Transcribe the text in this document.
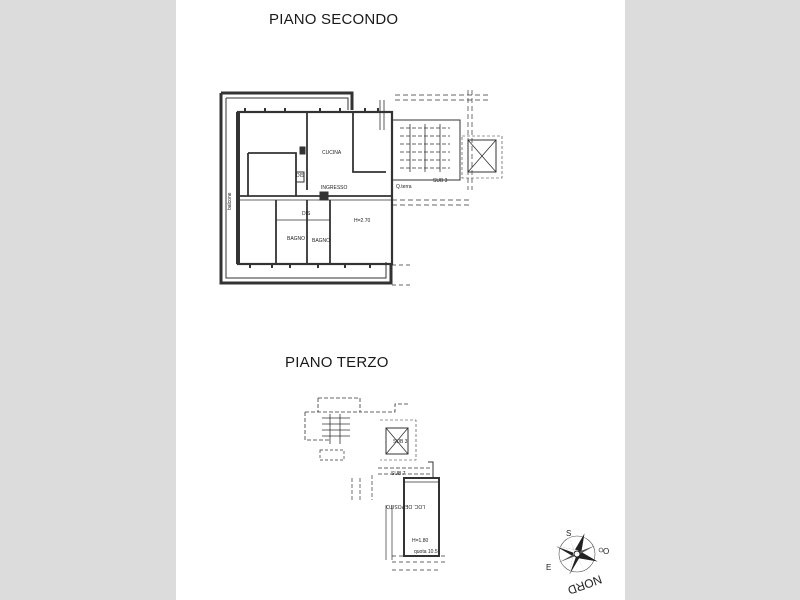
PIANO SECONDO
PIANO TERZO
CUCINA
DIS
INGRESSO
DIS
BAGNO BAGNO
H=2.70
SUB 3
Q.terra
balcone
SUB 3
SUB 7
H=1.80
quota 10.5
LOC. DEPOSITO
S
O
E
NORD
